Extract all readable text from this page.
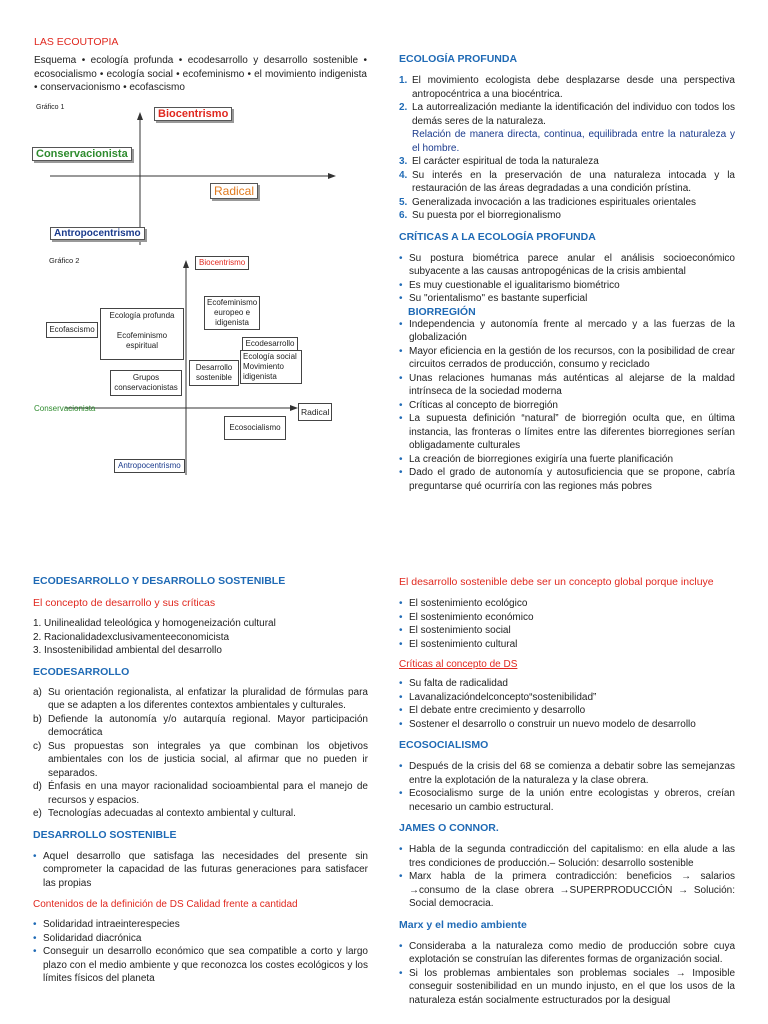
LAS ECOUTOPIA

Esquema • ecología profunda • ecodesarrollo y desarrollo sostenible • ecosocialismo • ecología social • ecofeminismo • el movimiento indigenista • conservacionismo • ecofascismo

Gráfico 1
Biocentrismo
Conservacionista
Radical
Antropocentrismo
Gráfico 2	Biocentrismo
Ecofeminismo europeo e idigenista
Ecodesarrollo
Ecología social Movimiento idigenista
Ecofascismo
Ecología profunda
Ecofeminismo espiritual
Desarrollo sostenible
Grupos conservacionistas
Conservacionista	Radical
Ecosocialismo
Antropocentrismo
ECOLOGÍA PROFUNDA
1. El movimiento ecologista debe desplazarse desde una perspectiva antropocéntrica a una biocéntrica.
2. La autorrealización mediante la identificación del individuo con todos los demás seres de la naturaleza.
Relación de manera directa, continua, equilibrada entre la naturaleza y el hombre.
3. El carácter espiritual de toda la naturaleza
4. Su interés en la preservación de una naturaleza intocada y la restauración de las áreas degradadas a una condición prístina.
5. Generalizada invocación a las tradiciones espirituales orientales
6. Su puesta por el biorregionalismo
CRÍTICAS A LA ECOLOGÍA PROFUNDA
• Su postura biométrica parece anular el análisis socioeconómico subyacente a las causas antropogénicas de la crisis ambiental
• Es muy cuestionable el igualitarismo biométrico
• Su "orientalismo" es bastante superficial
BIORREGIÓN
• Independencia y autonomía frente al mercado y a las fuerzas de la globalización
• Mayor eficiencia en la gestión de los recursos, con la posibilidad de crear circuitos cerrados de producción, consumo y reciclado
• Unas relaciones humanas más auténticas al alejarse de la maldad intrínseca de la sociedad moderna
• Críticas al concepto de biorregión
• La supuesta definición “natural” de biorregión oculta que, en última instancia, las fronteras o límites entre las diferentes biorregiones serían obligadamente culturales
• La creación de biorregiones exigiría una fuerte planificación
• Dado el grado de autonomía y autosuficiencia que se propone, cabría preguntarse qué ocurriría con las regiones más pobres
ECODESARROLLO Y DESARROLLO SOSTENIBLE
El concepto de desarrollo y sus críticas
1. Unilinealidad teleológica y homogeneización cultural
2. Racionalidadexclusivamenteeconomicista
3. Insostenibilidad ambiental del desarrollo
ECODESARROLLO
a) Su orientación regionalista, al enfatizar la pluralidad de fórmulas para que se adapten a los diferentes contextos ambientales y culturales.
b) Defiende la autonomía y/o autarquía regional. Mayor participación democrática
c) Sus propuestas son integrales ya que combinan los objetivos ambientales con los de justicia social, al afirmar que no pueden ir separados.
d) Énfasis en una mayor racionalidad socioambiental para el manejo de recursos y espacios.
e) Tecnologías adecuadas al contexto ambiental y cultural.
DESARROLLO SOSTENIBLE
• Aquel desarrollo que satisfaga las necesidades del presente sin comprometer la capacidad de las futuras generaciones para satisfacer las propias
Contenidos de la definición de DS Calidad frente a cantidad
• Solidaridad intraeinterespecies
• Solidaridad diacrónica
• Conseguir un desarrollo económico que sea compatible a corto y largo plazo con el medio ambiente y que reconozca los costes ecológicos y los límites físicos del planeta
El desarrollo sostenible debe ser un concepto global porque incluye
• El sostenimiento ecológico
• El sostenimiento económico
• El sostenimiento social
• El sostenimiento cultural
Críticas al concepto de DS
• Su falta de radicalidad
• Lavanalizacióndelconcepto“sostenibilidad”
• El debate entre crecimiento y desarrollo
• Sostener el desarrollo o construir un nuevo modelo de desarrollo
ECOSOCIALISMO
• Después de la crisis del 68 se comienza a debatir sobre las semejanzas entre la explotación de la naturaleza y la clase obrera.
• Ecosocialismo surge de la unión entre ecologistas y obreros, creían necesario un cambio estructural.
JAMES O CONNOR.
• Habla de la segunda contradicción del capitalismo: en ella alude a las tres condiciones de producción.– Solución: desarrollo sostenible
• Marx habla de la primera contradicción: beneficios → salarios →consumo de la clase obrera →SUPERPRODUCCIÓN → Solución: Social democracia.
Marx y el medio ambiente
• Consideraba a la naturaleza como medio de producción sobre cuya explotación se construían las diferentes formas de organización social.
• Si los problemas ambientales son problemas sociales → Imposible conseguir sostenibilidad en un mundo injusto, en el que los usos de la naturaleza están socialmente estructurados por la desigual
